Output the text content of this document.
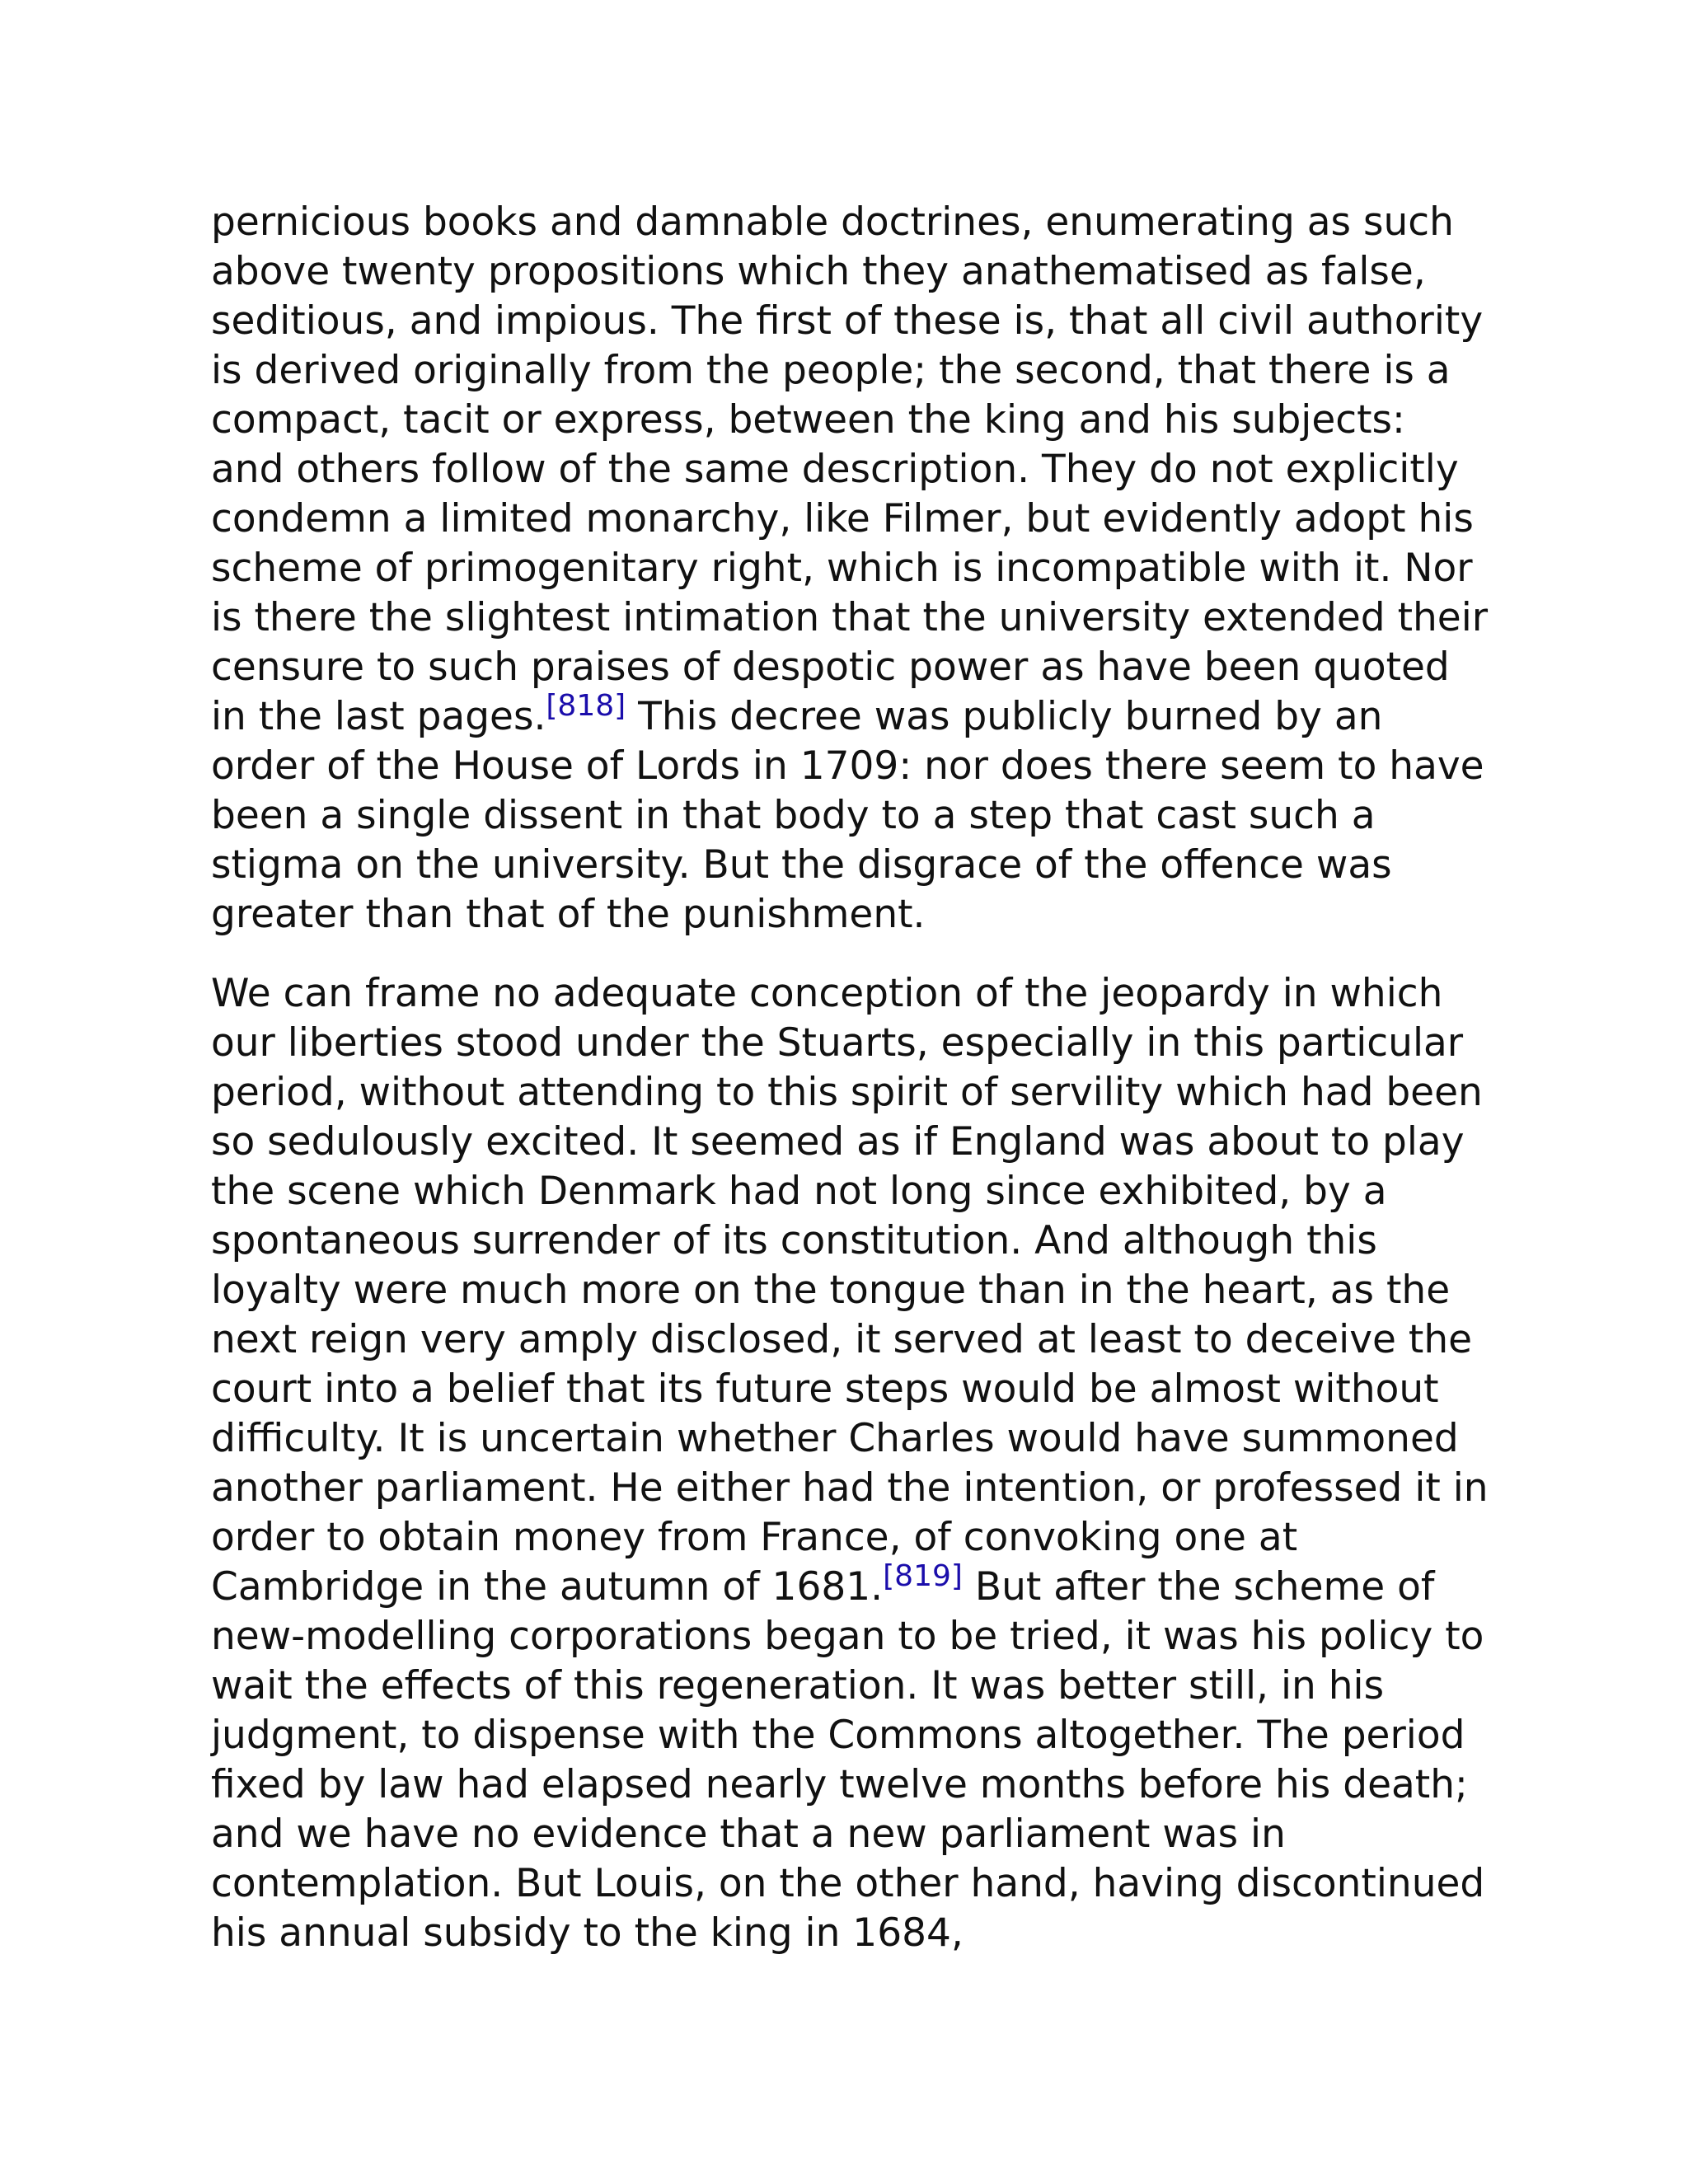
pernicious books and damnable doctrines, enumerating as such above twenty propositions which they anathematised as false, seditious, and impious. The first of these is, that all civil authority is derived originally from the people; the second, that there is a compact, tacit or express, between the king and his subjects: and others follow of the same description. They do not explicitly condemn a limited monarchy, like Filmer, but evidently adopt his scheme of primogenitary right, which is incompatible with it. Nor is there the slightest intimation that the university extended their censure to such praises of despotic power as have been quoted in the last pages.[818] This decree was publicly burned by an order of the House of Lords in 1709: nor does there seem to have been a single dissent in that body to a step that cast such a stigma on the university. But the disgrace of the offence was greater than that of the punishment.

We can frame no adequate conception of the jeopardy in which our liberties stood under the Stuarts, especially in this particular period, without attending to this spirit of servility which had been so sedulously excited. It seemed as if England was about to play the scene which Denmark had not long since exhibited, by a spontaneous surrender of its constitution. And although this loyalty were much more on the tongue than in the heart, as the next reign very amply disclosed, it served at least to deceive the court into a belief that its future steps would be almost without difficulty. It is uncertain whether Charles would have summoned another parliament. He either had the intention, or professed it in order to obtain money from France, of convoking one at Cambridge in the autumn of 1681.[819] But after the scheme of new-modelling corporations began to be tried, it was his policy to wait the effects of this regeneration. It was better still, in his judgment, to dispense with the Commons altogether. The period fixed by law had elapsed nearly twelve months before his death; and we have no evidence that a new parliament was in contemplation. But Louis, on the other hand, having discontinued his annual subsidy to the king in 1684,
